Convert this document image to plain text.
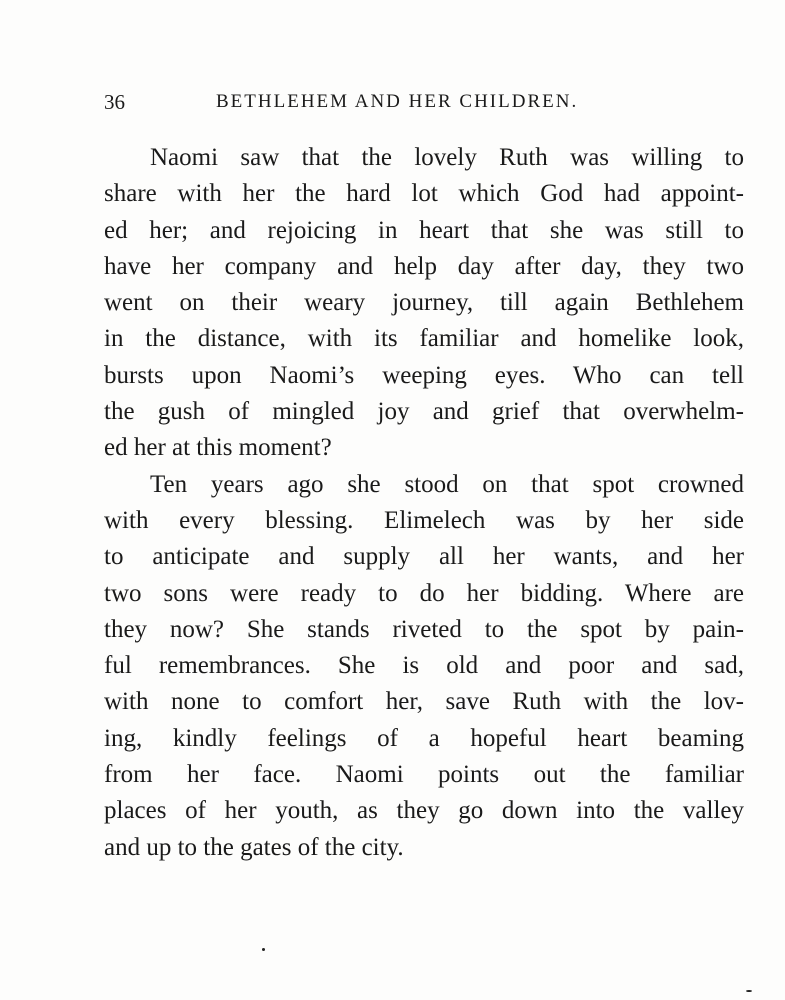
36	BETHLEHEM AND HER CHILDREN.
Naomi saw that the lovely Ruth was willing to
share with her the hard lot which God had appoint-
ed her; and rejoicing in heart that she was still to
have her company and help day after day, they two
went on their weary journey, till again Bethlehem
in the distance, with its familiar and homelike look,
bursts upon Naomi’s weeping eyes. Who can tell
the gush of mingled joy and grief that overwhelm-
ed her at this moment?
Ten years ago she stood on that spot crowned
with every blessing. Elimelech was by her side
to anticipate and supply all her wants, and her
two sons were ready to do her bidding. Where are
they now? She stands riveted to the spot by pain-
ful remembrances. She is old and poor and sad,
with none to comfort her, save Ruth with the lov-
ing, kindly feelings of a hopeful heart beaming
from her face. Naomi points out the familiar
places of her youth, as they go down into the valley
and up to the gates of the city.
